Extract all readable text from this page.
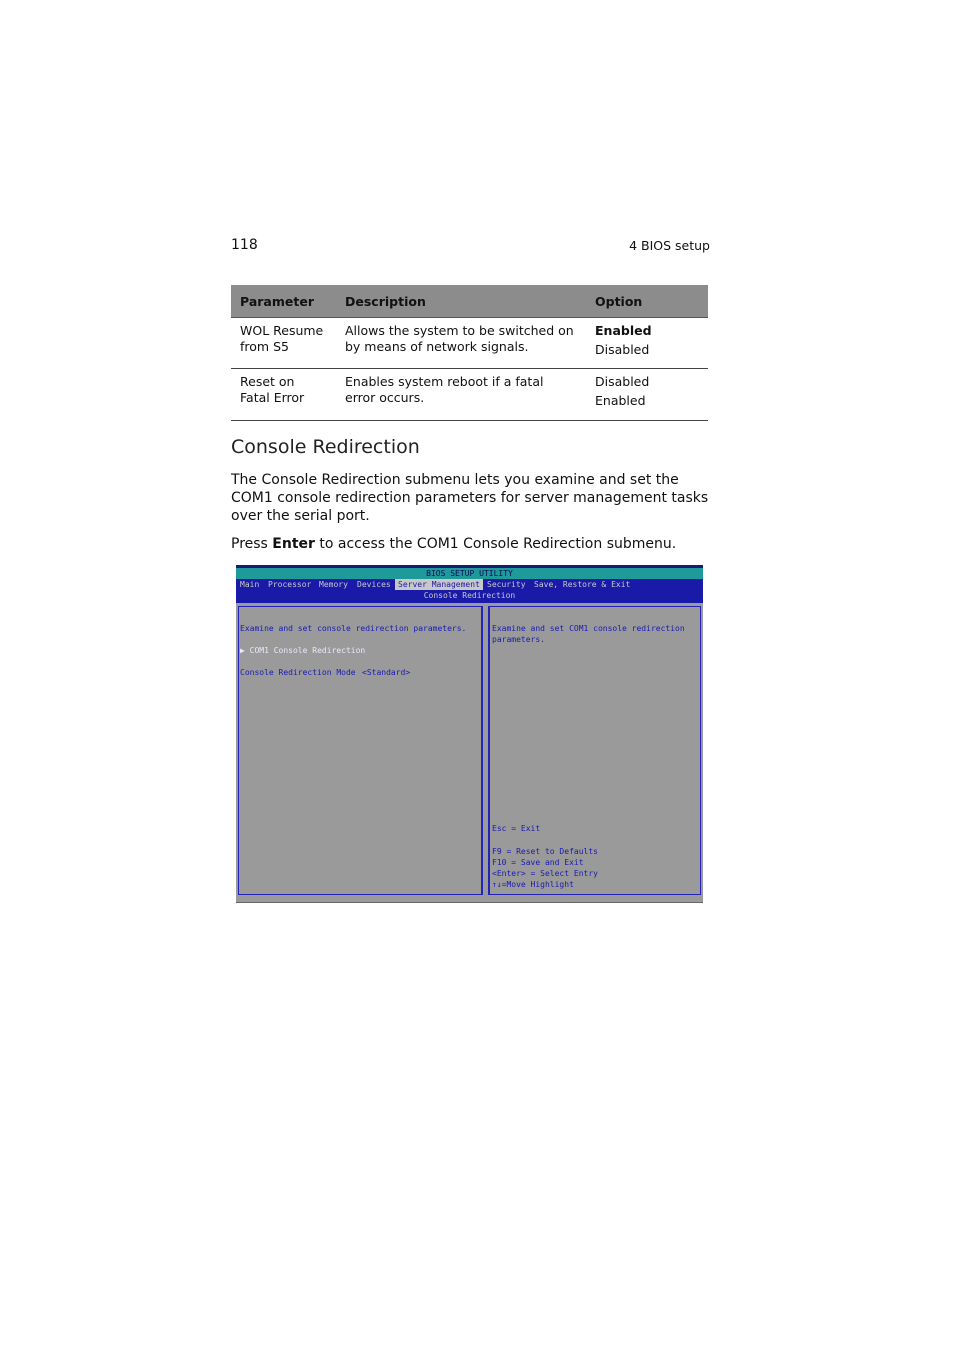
118	4 BIOS setup
Parameter	Description	Option
WOL Resume from S5	Allows the system to be switched on by means of network signals.	Enabled
Disabled

Reset on Fatal Error	Enables system reboot if a fatal error occurs.	Disabled
Enabled
Console Redirection

The Console Redirection submenu lets you examine and set the COM1 console redirection parameters for server management tasks over the serial port.

Press Enter to access the COM1 Console Redirection submenu.

BIOS SETUP UTILITY
Main Processor Memory Devices Server Management Security Save, Restore & Exit
Console Redirection
Examine and set console redirection parameters.
▶ COM1 Console Redirection
Console Redirection Mode <Standard>
Examine and set COM1 console redirection
parameters.
Esc = Exit
F9 = Reset to Defaults
F10 = Save and Exit
<Enter> = Select Entry
↑↓=Move Highlight
